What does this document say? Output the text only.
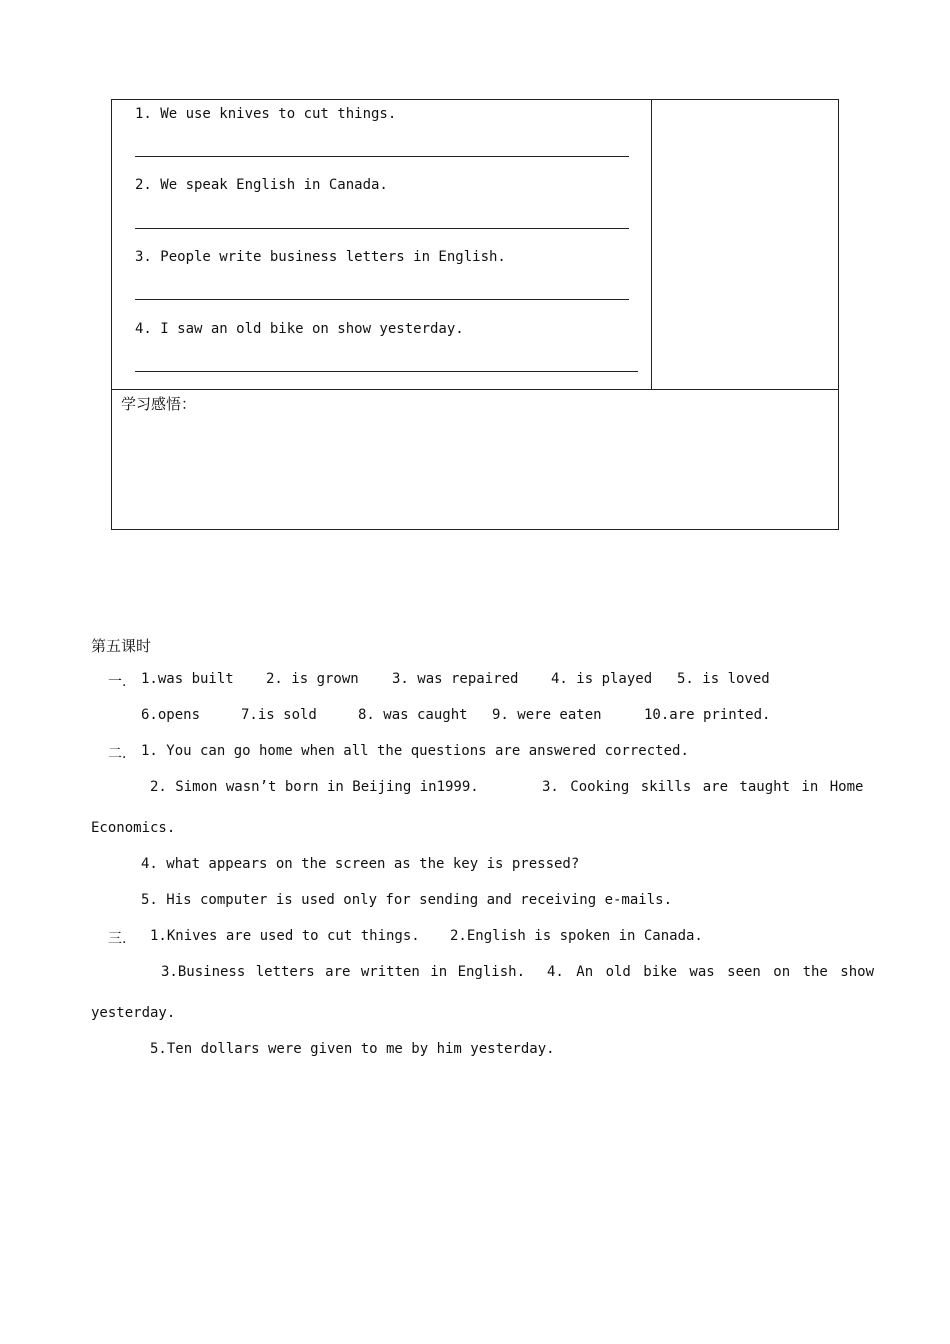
1. We use knives to cut things.
2. We speak English in Canada.
3. People write business letters in English.
4. I saw an old bike on show yesterday.
学习感悟：
第五课时
一. 1.was built 2. is grown 3. was repaired 4. is played 5. is loved
6.opens	7.is sold	8. was caught 9. were eaten	10.are printed.
二. 1. You can go home when all the questions are answered corrected.
2. Simon wasn’t born in Beijing in1999.	3. Cooking skills are taught in Home
Economics.
4. what appears on the screen as the key is pressed?
5. His computer is used only for sending and receiving e-mails.
三. 1.Knives are used to cut things. 2.English is spoken in Canada.
3.Business letters are written in English. 4. An old bike was seen on the show
yesterday.
5.Ten dollars were given to me by him yesterday.
